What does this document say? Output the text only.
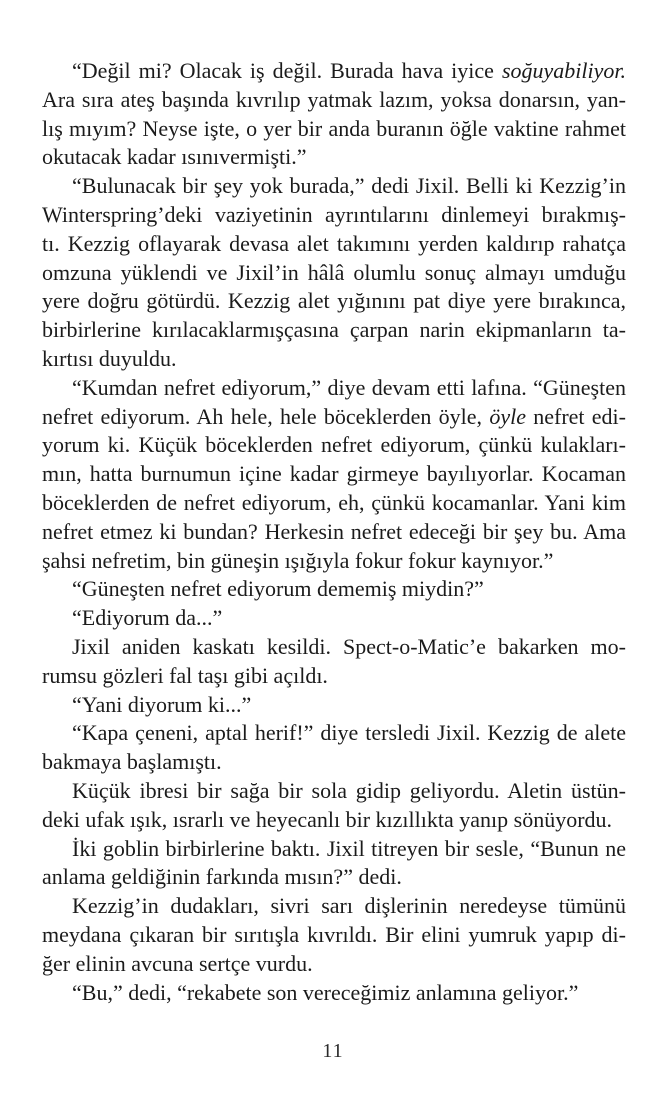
“Değil mi? Olacak iş değil. Burada hava iyice soğuyabiliyor.
Ara sıra ateş başında kıvrılıp yatmak lazım, yoksa donarsın, yan-
lış mıyım? Neyse işte, o yer bir anda buranın öğle vaktine rahmet
okutacak kadar ısınıvermişti.”
“Bulunacak bir şey yok burada,” dedi Jixil. Belli ki Kezzig’in
Winterspring’deki vaziyetinin ayrıntılarını dinlemeyi bırakmış-
tı. Kezzig oflayarak devasa alet takımını yerden kaldırıp rahatça
omzuna yüklendi ve Jixil’in hâlâ olumlu sonuç almayı umduğu
yere doğru götürdü. Kezzig alet yığınını pat diye yere bırakınca,
birbirlerine kırılacaklarmışçasına çarpan narin ekipmanların ta-
kırtısı duyuldu.
“Kumdan nefret ediyorum,” diye devam etti lafına. “Güneşten
nefret ediyorum. Ah hele, hele böceklerden öyle, öyle nefret edi-
yorum ki. Küçük böceklerden nefret ediyorum, çünkü kulakları-
mın, hatta burnumun içine kadar girmeye bayılıyorlar. Kocaman
böceklerden de nefret ediyorum, eh, çünkü kocamanlar. Yani kim
nefret etmez ki bundan? Herkesin nefret edeceği bir şey bu. Ama
şahsi nefretim, bin güneşin ışığıyla fokur fokur kaynıyor.”
“Güneşten nefret ediyorum dememiş miydin?”
“Ediyorum da...”
Jixil aniden kaskatı kesildi. Spect-o-Matic’e bakarken mo-
rumsu gözleri fal taşı gibi açıldı.
“Yani diyorum ki...”
“Kapa çeneni, aptal herif!” diye tersledi Jixil. Kezzig de alete
bakmaya başlamıştı.
Küçük ibresi bir sağa bir sola gidip geliyordu. Aletin üstün-
deki ufak ışık, ısrarlı ve heyecanlı bir kızıllıkta yanıp sönüyordu.
İki goblin birbirlerine baktı. Jixil titreyen bir sesle, “Bunun ne
anlama geldiğinin farkında mısın?” dedi.
Kezzig’in dudakları, sivri sarı dişlerinin neredeyse tümünü
meydana çıkaran bir sırıtışla kıvrıldı. Bir elini yumruk yapıp di-
ğer elinin avcuna sertçe vurdu.
“Bu,” dedi, “rekabete son vereceğimiz anlamına geliyor.”
11
